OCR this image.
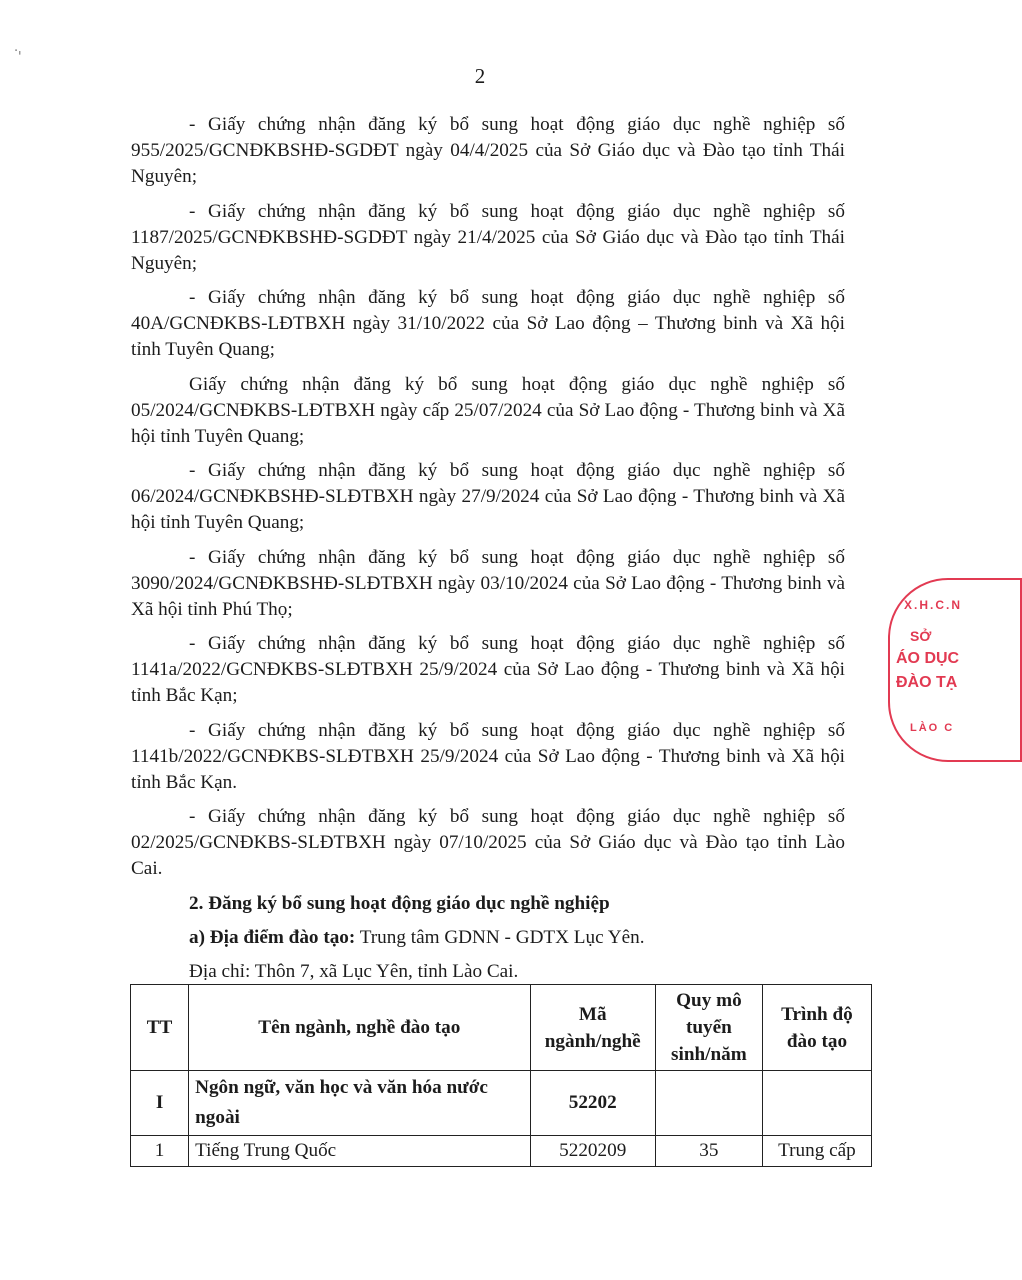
· '
2

- Giấy chứng nhận đăng ký bổ sung hoạt động giáo dục nghề nghiệp số 955/2025/GCNĐKBSHĐ-SGDĐT ngày 04/4/2025 của Sở Giáo dục và Đào tạo tỉnh Thái Nguyên;

- Giấy chứng nhận đăng ký bổ sung hoạt động giáo dục nghề nghiệp số 1187/2025/GCNĐKBSHĐ-SGDĐT ngày 21/4/2025 của Sở Giáo dục và Đào tạo tỉnh Thái Nguyên;

- Giấy chứng nhận đăng ký bổ sung hoạt động giáo dục nghề nghiệp số 40A/GCNĐKBS-LĐTBXH ngày 31/10/2022 của Sở Lao động – Thương binh và Xã hội tỉnh Tuyên Quang;

Giấy chứng nhận đăng ký bổ sung hoạt động giáo dục nghề nghiệp số 05/2024/GCNĐKBS-LĐTBXH ngày cấp 25/07/2024 của Sở Lao động - Thương binh và Xã hội tỉnh Tuyên Quang;

- Giấy chứng nhận đăng ký bổ sung hoạt động giáo dục nghề nghiệp số 06/2024/GCNĐKBSHĐ-SLĐTBXH ngày 27/9/2024 của Sở Lao động - Thương binh và Xã hội tỉnh Tuyên Quang;

- Giấy chứng nhận đăng ký bổ sung hoạt động giáo dục nghề nghiệp số 3090/2024/GCNĐKBSHĐ-SLĐTBXH ngày 03/10/2024 của Sở Lao động - Thương binh và Xã hội tỉnh Phú Thọ;

- Giấy chứng nhận đăng ký bổ sung hoạt động giáo dục nghề nghiệp số 1141a/2022/GCNĐKBS-SLĐTBXH 25/9/2024 của Sở Lao động - Thương binh và Xã hội tỉnh Bắc Kạn;

- Giấy chứng nhận đăng ký bổ sung hoạt động giáo dục nghề nghiệp số 1141b/2022/GCNĐKBS-SLĐTBXH 25/9/2024 của Sở Lao động - Thương binh và Xã hội tỉnh Bắc Kạn.

- Giấy chứng nhận đăng ký bổ sung hoạt động giáo dục nghề nghiệp số 02/2025/GCNĐKBS-SLĐTBXH ngày 07/10/2025 của Sở Giáo dục và Đào tạo tỉnh Lào Cai.

2. Đăng ký bổ sung hoạt động giáo dục nghề nghiệp

a) Địa điểm đào tạo: Trung tâm GDNN - GDTX Lục Yên.

Địa chỉ: Thôn 7, xã Lục Yên, tỉnh Lào Cai.

TT	Tên ngành, nghề đào tạo	Mã ngành/nghề	Quy mô tuyển sinh/năm	Trình độ đào tạo
I	Ngôn ngữ, văn học và văn hóa nước ngoài	52202		
1	Tiếng Trung Quốc	5220209	35	Trung cấp
X.H.C.N
SỞ
ÁO DỤC
ĐÀO TẠ
LÀO C
